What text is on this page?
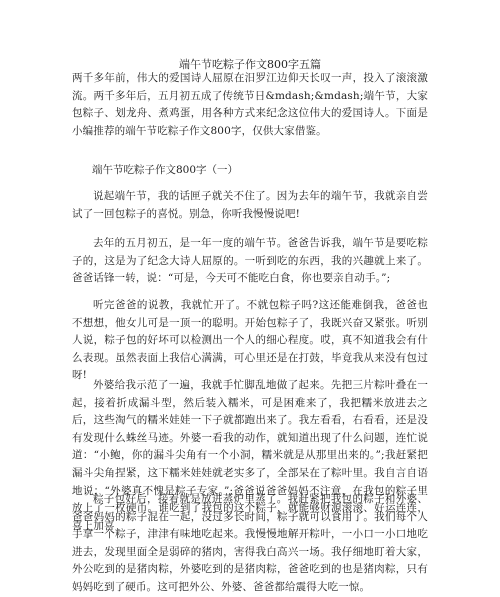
端午节吃粽子作文800字五篇

两千多年前，伟大的爱国诗人屈原在汨罗江边仰天长叹一声，投入了滚滚激流。两千多年后，五月初五成了传统节日&mdash;&mdash;端午节，大家包粽子、划龙舟、煮鸡蛋，用各种方式来纪念这位伟大的爱国诗人。下面是小编推荐的端午节吃粽子作文800字，仅供大家借鉴。

端午节吃粽子作文800字（一）

说起端午节，我的话匣子就关不住了。因为去年的端午节，我就亲自尝试了一回包粽子的喜悦。别急，你听我慢慢说吧!

去年的五月初五，是一年一度的端午节。爸爸告诉我，端午节是要吃粽子的，这是为了纪念大诗人屈原的。一听到吃的东西，我的兴趣就上来了。爸爸话锋一转，说：“可是，今天可不能吃白食，你也要亲自动手。”;

听完爸爸的说教，我就忙开了。不就包粽子吗?这还能难倒我，爸爸也不想想，他女儿可是一顶一的聪明。开始包粽子了，我既兴奋又紧张。听别人说，粽子包的好坏可以检测出一个人的细心程度。哎，真不知道我会有什么表现。虽然表面上我信心满满，可心里还是在打鼓，毕竟我从来没有包过呀!

外婆给我示范了一遍，我就手忙脚乱地做了起来。先把三片粽叶叠在一起，接着折成漏斗型，然后装入糯米，可是困难来了，我把糯米放进去之后，这些淘气的糯米娃娃一下子就都跑出来了。我左看看，右看看，还是没有发现什么蛛丝马迹。外婆一看我的动作，就知道出现了什么问题，连忙说道：“小鲍，你的漏斗尖角有一个小洞，糯米就是从那里出来的。”;我赶紧把漏斗尖角捏紧，这下糯米娃娃就老实多了，全部呆在了粽叶里。我自言自语地说：“外婆真不愧是粽子专家。”;爸爸说爸爸妈妈不注意，在我包的粽子里放上了一枚硬币。谁吃到了我包的这个粽子，就能够财源滚滚、好运连连，喜上加喜

粽子包好后，接着就是放进蒸炉里蒸了。我赶紧把我包的粽子和外婆、爸爸妈妈的粽子混在一起，没过多长时间，粽子就可以食用了。我们每个人手拿一个粽子，津津有味地吃起来。我慢慢地解开粽叶，一小口一小口地吃进去，发现里面全是弱碎的猪肉，害得我白高兴一场。我仔细地盯着大家，外公吃到的是猪肉粽，外婆吃到的是猪肉粽，爸爸吃到的也是猪肉粽，只有妈妈吃到了硬币。这可把外公、外婆、爸爸都给震得大吃一惊。
